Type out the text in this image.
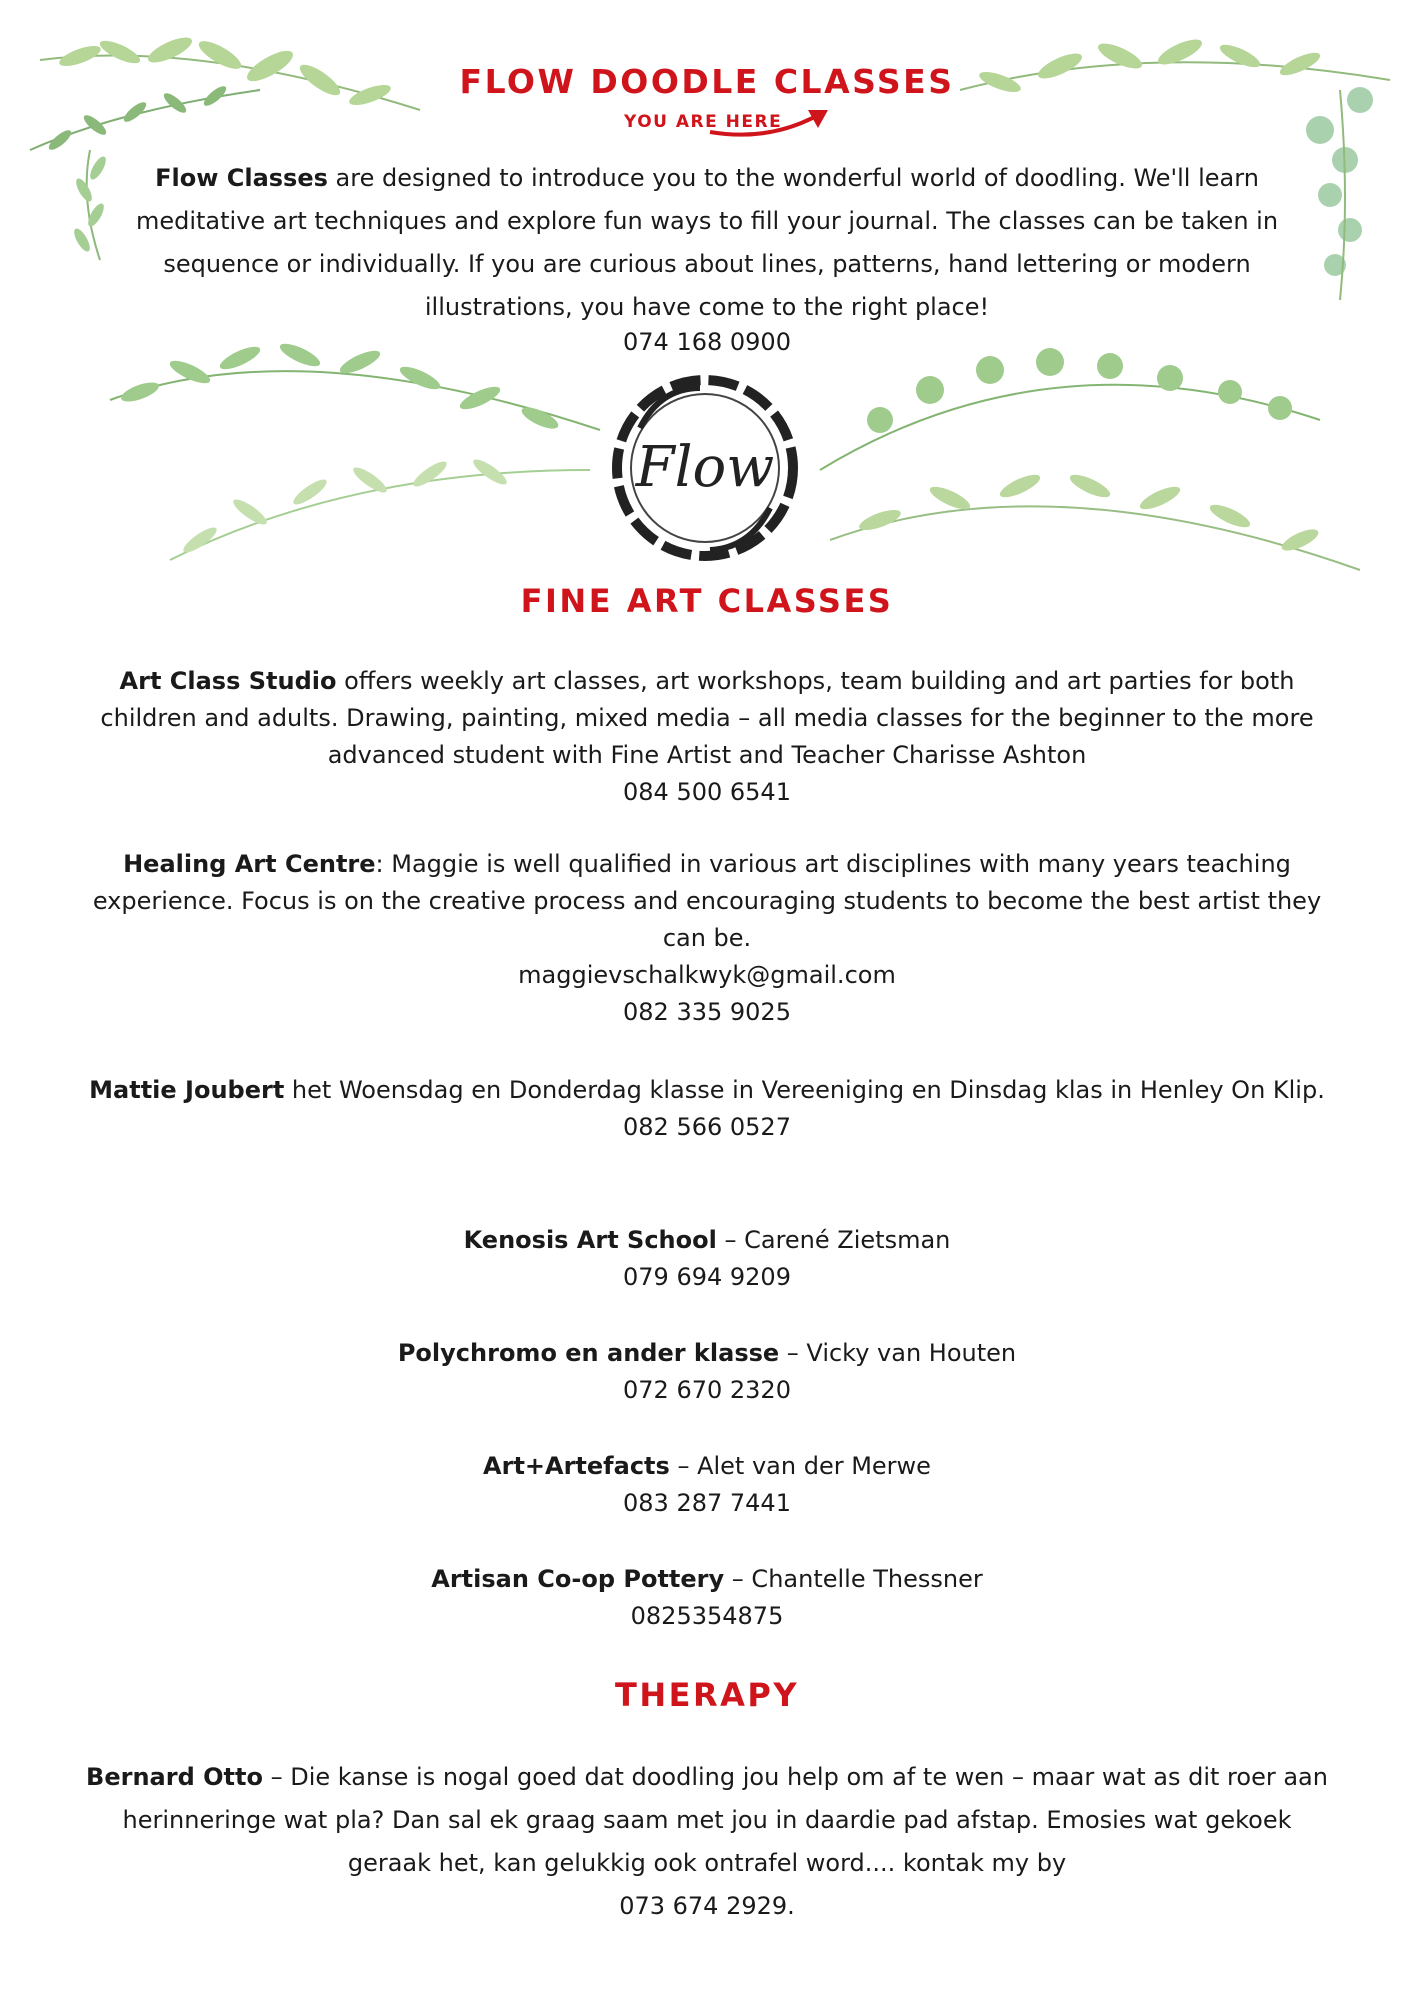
FLOW DOODLE CLASSES
YOU ARE HERE
Flow Classes are designed to introduce you to the wonderful world of doodling. We'll learn meditative art techniques and explore fun ways to fill your journal. The classes can be taken in sequence or individually. If you are curious about lines, patterns, hand lettering or modern illustrations, you have come to the right place!
074 168 0900
Flow
FINE ART CLASSES
Art Class Studio offers weekly art classes, art workshops, team building and art parties for both children and adults. Drawing, painting, mixed media – all media classes for the beginner to the more advanced student with Fine Artist and Teacher Charisse Ashton
084 500 6541
Healing Art Centre: Maggie is well qualified in various art disciplines with many years teaching experience. Focus is on the creative process and encouraging students to become the best artist they can be.
maggievschalkwyk@gmail.com
082 335 9025
Mattie Joubert het Woensdag en Donderdag klasse in Vereeniging en Dinsdag klas in Henley On Klip.
082 566 0527
Kenosis Art School – Carené Zietsman
079 694 9209
Polychromo en ander klasse – Vicky van Houten
072 670 2320
Art+Artefacts – Alet van der Merwe
083 287 7441
Artisan Co-op Pottery – Chantelle Thessner
0825354875
THERAPY
Bernard Otto – Die kanse is nogal goed dat doodling jou help om af te wen – maar wat as dit roer aan herinneringe wat pla? Dan sal ek graag saam met jou in daardie pad afstap. Emosies wat gekoek geraak het, kan gelukkig ook ontrafel word.... kontak my by
073 674 2929.
